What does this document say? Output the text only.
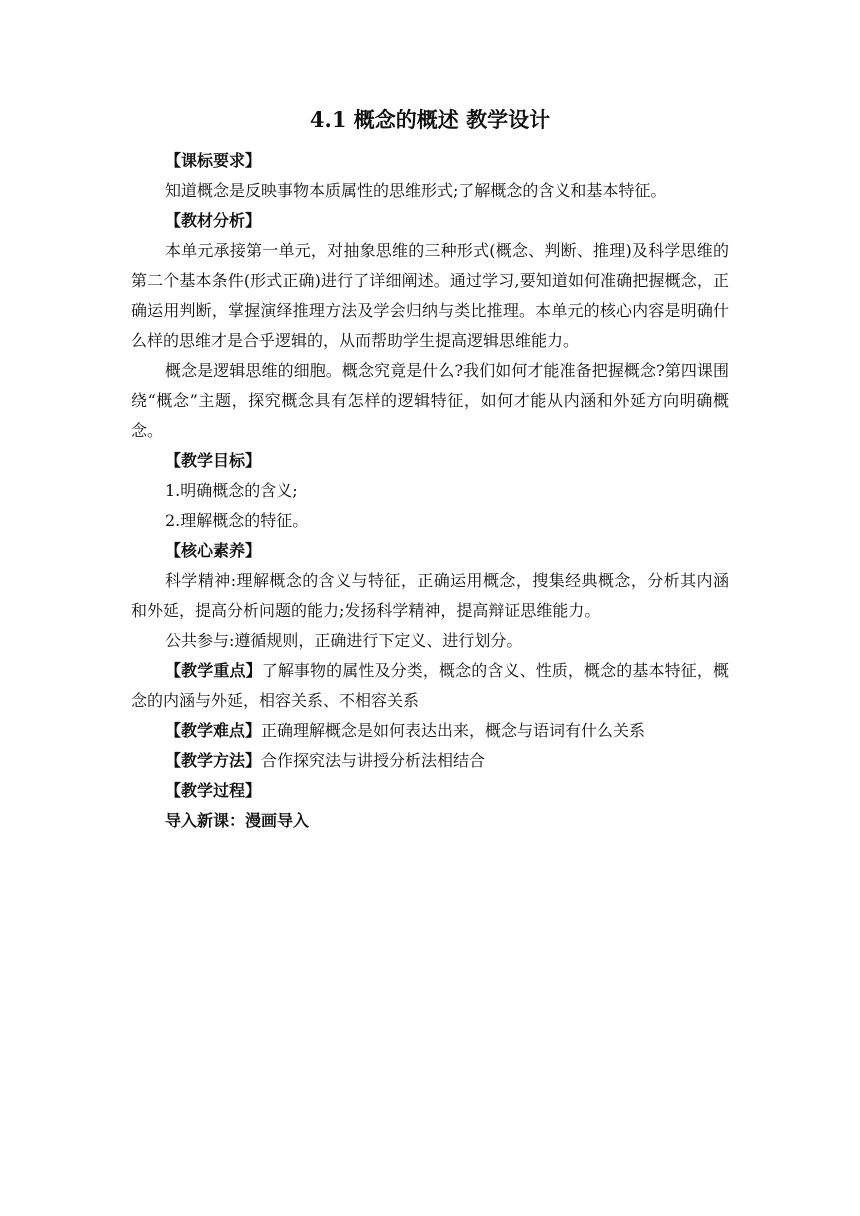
4.1 概念的概述 教学设计

【课标要求】

知道概念是反映事物本质属性的思维形式;了解概念的含义和基本特征。

【教材分析】

本单元承接第一单元，对抽象思维的三种形式(概念、判断、推理)及科学思维的第二个基本条件(形式正确)进行了详细阐述。通过学习,要知道如何准确把握概念，正确运用判断，掌握演绎推理方法及学会归纳与类比推理。本单元的核心内容是明确什么样的思维才是合乎逻辑的，从而帮助学生提高逻辑思维能力。

概念是逻辑思维的细胞。概念究竟是什么?我们如何才能准备把握概念?第四课围绕“概念”主题，探究概念具有怎样的逻辑特征，如何才能从内涵和外延方向明确概念。

【教学目标】

1.明确概念的含义;

2.理解概念的特征。

【核心素养】

科学精神:理解概念的含义与特征，正确运用概念，搜集经典概念，分析其内涵和外延，提高分析问题的能力;发扬科学精神，提高辩证思维能力。

公共参与:遵循规则，正确进行下定义、进行划分。

【教学重点】了解事物的属性及分类，概念的含义、性质，概念的基本特征，概念的内涵与外延，相容关系、不相容关系

【教学难点】正确理解概念是如何表达出来，概念与语词有什么关系

【教学方法】合作探究法与讲授分析法相结合

【教学过程】

导入新课：漫画导入
